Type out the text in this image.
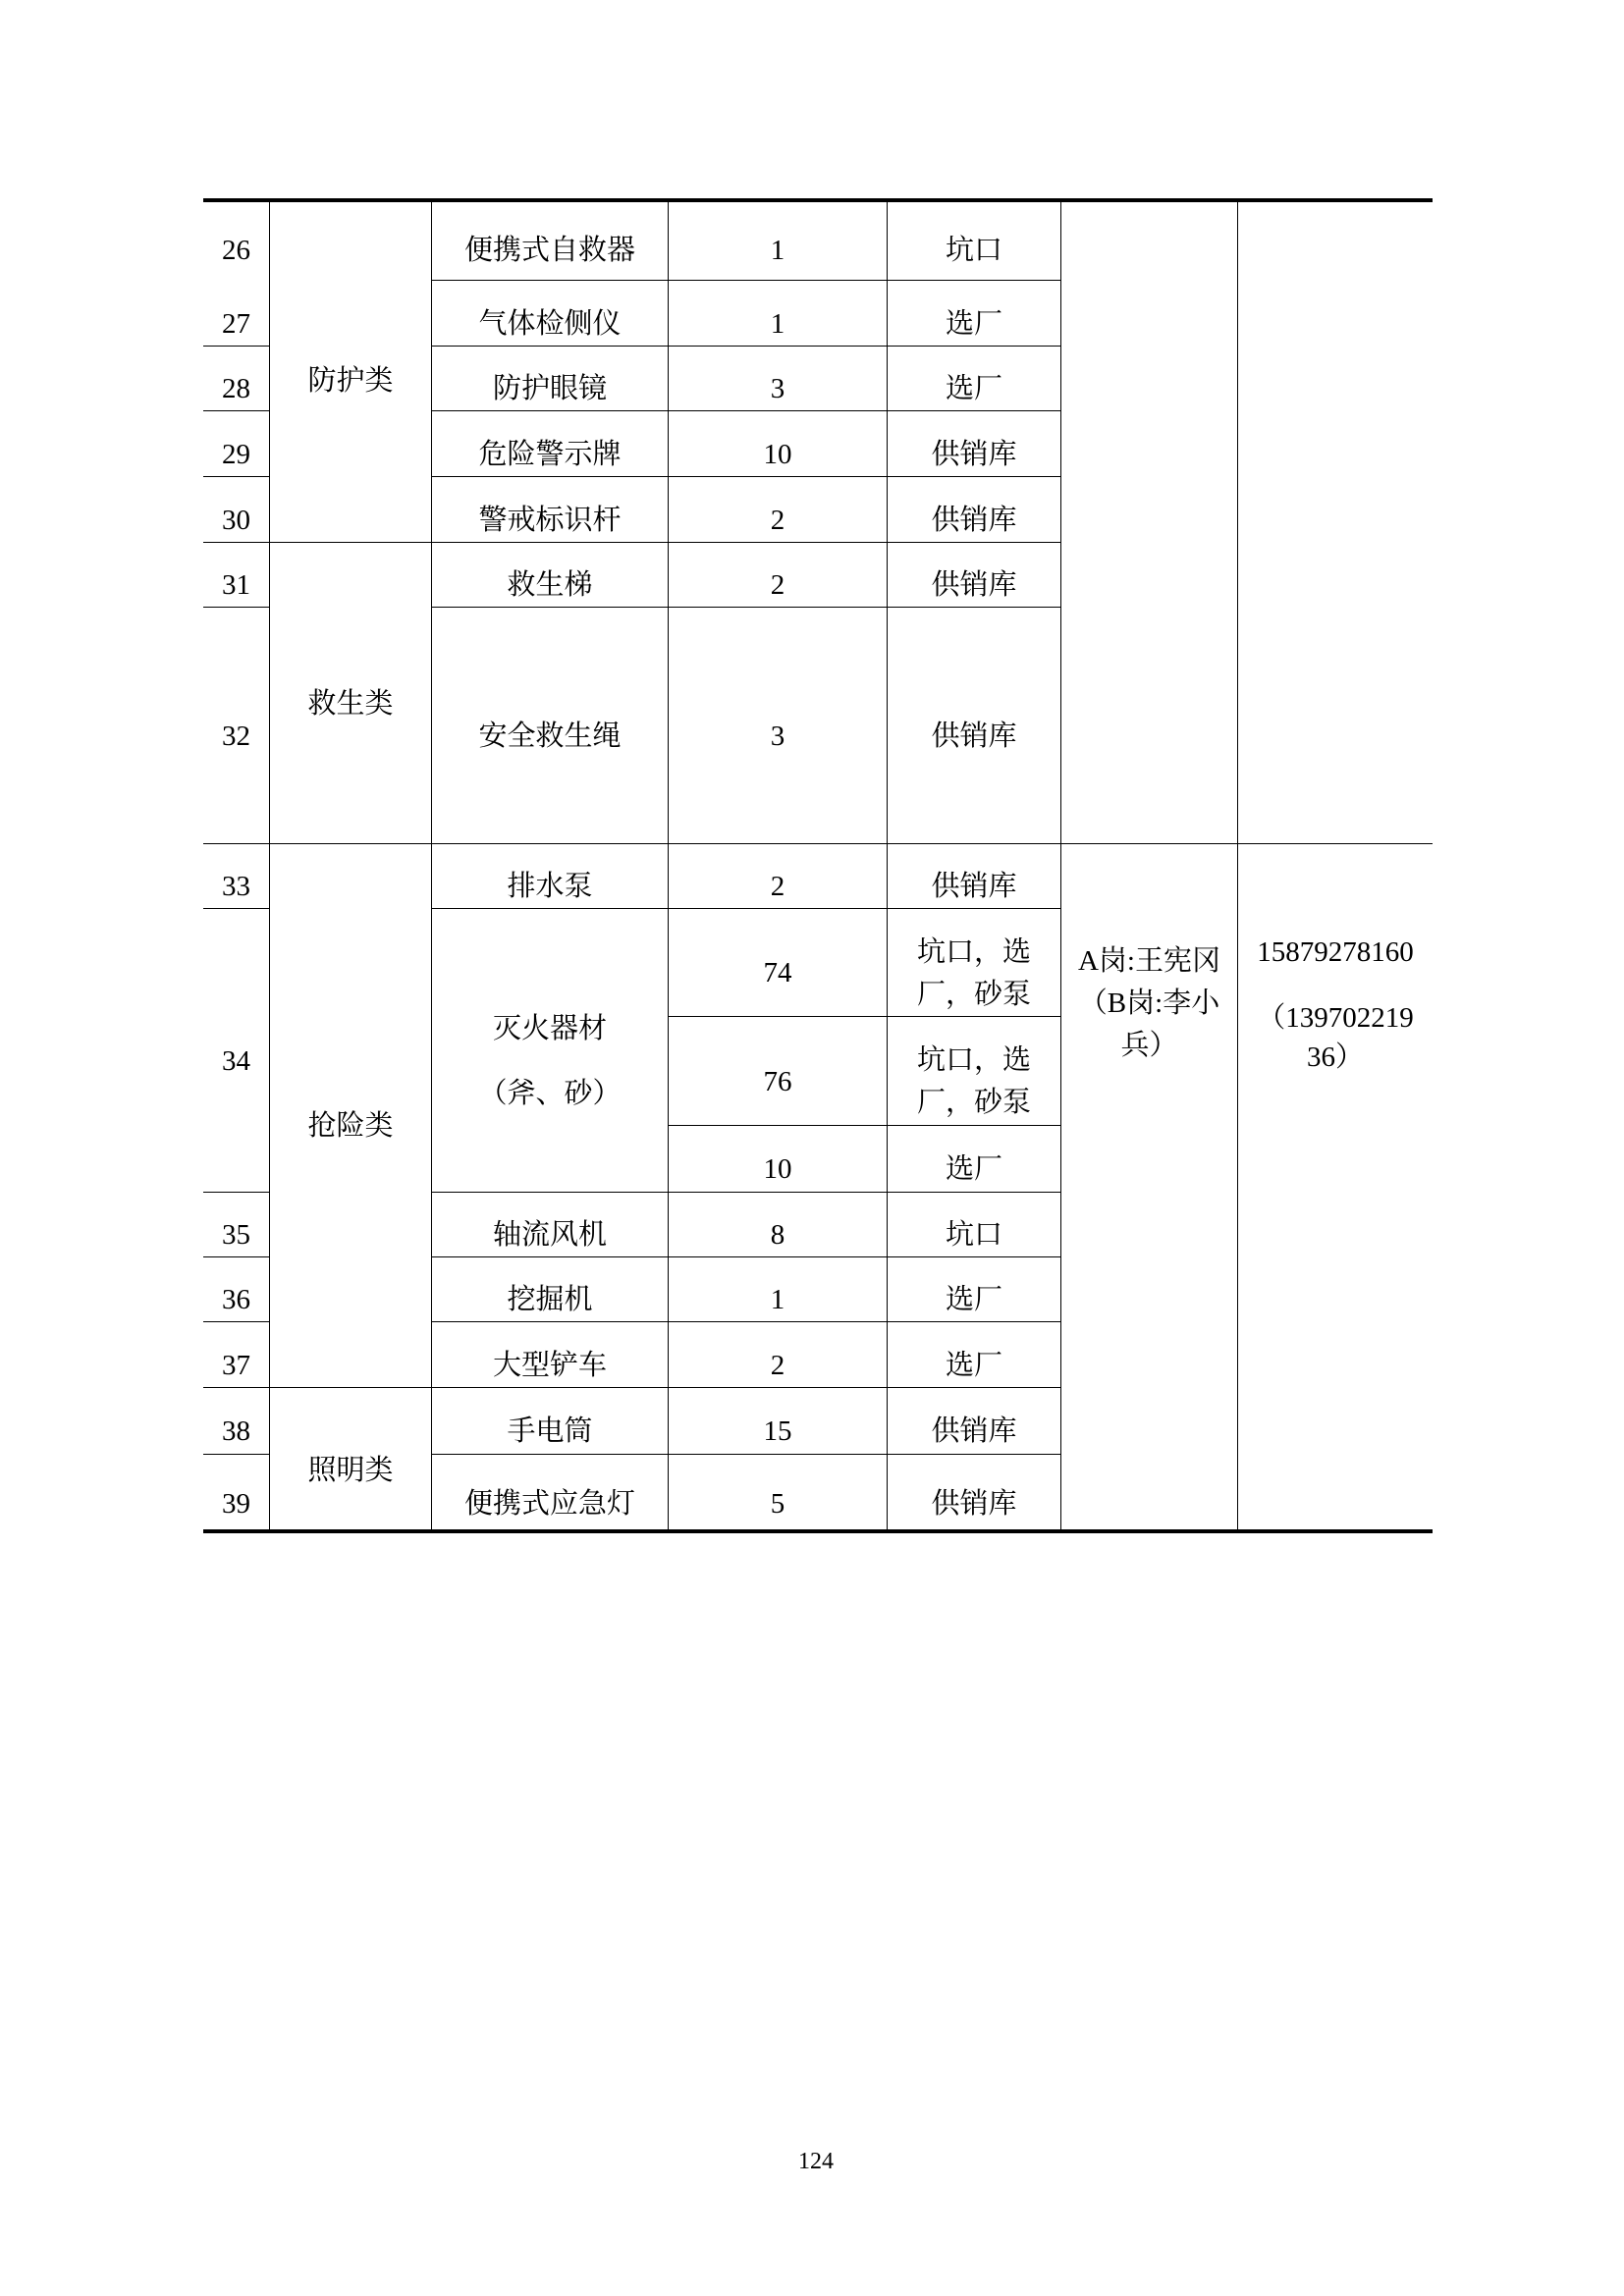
26
27
28
29
30
31
32
33
34
35
36
37
38
39
防护类
救生类
抢险类
照明类
便携式自救器
气体检侧仪
防护眼镜
危险警示牌
警戒标识杆
救生梯
安全救生绳
排水泵
灭火器材
（斧、砂）
轴流风机
挖掘机
大型铲车
手电筒
便携式应急灯
1
1
3
10
2
2
3
2
74
76
10
8
1
2
15
5
坑口
选厂
选厂
供销库
供销库
供销库
供销库
供销库
坑口，选厂，砂泵
坑口，选厂，砂泵
选厂
坑口
选厂
选厂
供销库
供销库
A岗:王宪冈（B岗:李小兵）
15879278160
（13970221936）
124
